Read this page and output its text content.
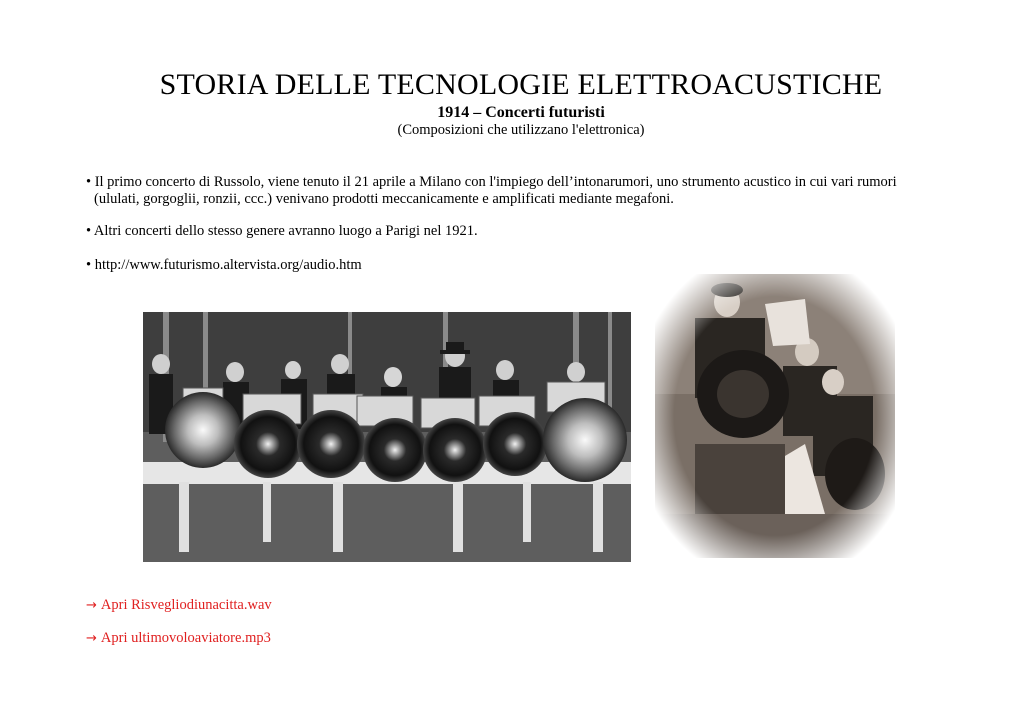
STORIA DELLE TECNOLOGIE ELETTROACUSTICHE
1914 – Concerti futuristi
(Composizioni che utilizzano l'elettronica)
• Il primo concerto di Russolo, viene tenuto il 21 aprile a Milano con l'impiego dell’intonarumori, uno strumento acustico in cui vari rumori
(ululati, gorgoglii, ronzii, ccc.) venivano prodotti meccanicamente e amplificati mediante megafoni.
• Altri concerti dello stesso genere avranno luogo a Parigi nel 1921.
• http://www.futurismo.altervista.org/audio.htm
→ Apri Risvegliodiunacitta.wav
→ Apri ultimovoloaviatore.mp3
